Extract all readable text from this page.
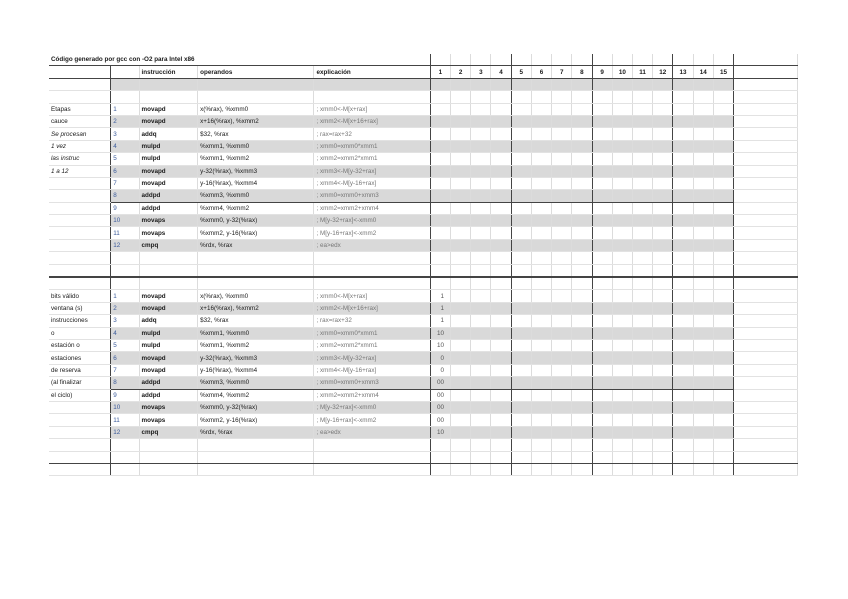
Código generado por gcc con -O2 para Intel x86																				
		instrucción	operandos	explicación	1	2	3	4	5	6	7	8	9	10	11	12	13	14	15	

Etapas	1	movapd	x(%rax), %xmm0	; xmm0<-M[x+rax]																
cauce	2	movapd	x+16(%rax), %xmm2	; xmm2<-M[x+16+rax]																
Se procesan	3	addq	$32, %rax	; rax=rax+32																
1 vez	4	mulpd	%xmm1, %xmm0	; xmm0=xmm0*xmm1																
las instruc	5	mulpd	%xmm1, %xmm2	; xmm2=xmm2*xmm1																
1 a 12	6	movapd	y-32(%rax), %xmm3	; xmm3<-M[y-32+rax]																
	7	movapd	y-16(%rax), %xmm4	; xmm4<-M[y-16+rax]																
	8	addpd	%xmm3, %xmm0	; xmm0=xmm0+xmm3																
	9	addpd	%xmm4, %xmm2	; xmm2=xmm2+xmm4																
	10	movaps	%xmm0, y-32(%rax)	; M[y-32+rax]<-xmm0																
	11	movaps	%xmm2, y-16(%rax)	; M[y-16+rax]<-xmm2																
	12	cmpq	%rdx, %rax	; ea>edx																

bits válido	1	movapd	x(%rax), %xmm0	; xmm0<-M[x+rax]	1															
ventana (s)	2	movapd	x+16(%rax), %xmm2	; xmm2<-M[x+16+rax]	1															
instrucciones	3	addq	$32, %rax	; rax=rax+32	1															
o	4	mulpd	%xmm1, %xmm0	; xmm0=xmm0*xmm1	10															
estación o	5	mulpd	%xmm1, %xmm2	; xmm2=xmm2*xmm1	10															
estaciones	6	movapd	y-32(%rax), %xmm3	; xmm3<-M[y-32+rax]	0															
de reserva	7	movapd	y-16(%rax), %xmm4	; xmm4<-M[y-16+rax]	0															
(al finalizar	8	addpd	%xmm3, %xmm0	; xmm0=xmm0+xmm3	00															
el ciclo)	9	addpd	%xmm4, %xmm2	; xmm2=xmm2+xmm4	00															
	10	movaps	%xmm0, y-32(%rax)	; M[y-32+rax]<-xmm0	00															
	11	movaps	%xmm2, y-16(%rax)	; M[y-16+rax]<-xmm2	00															
	12	cmpq	%rdx, %rax	; ea>edx	10															
